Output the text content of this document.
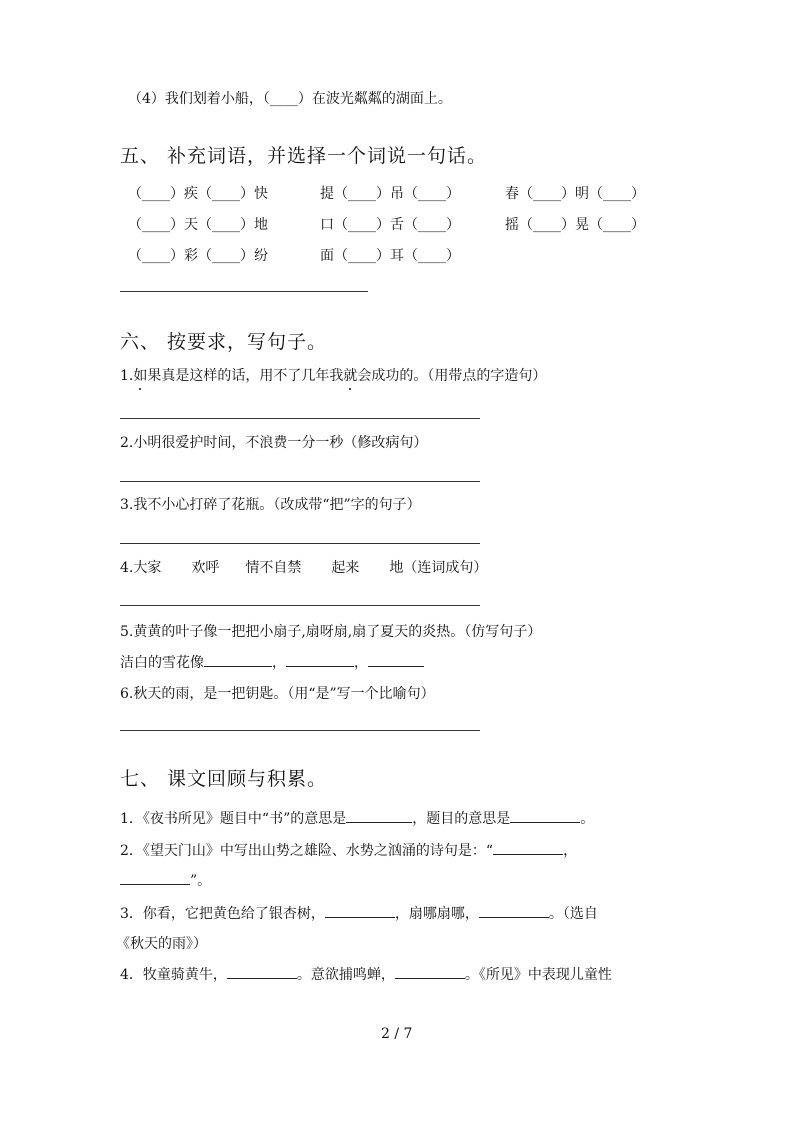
（4）我们划着小船，（____）在波光粼粼的湖面上。
五、 补充词语，并选择一个词说一句话。
（____）疾（____）快	提（____）吊（____）	春（____）明（____）
（____）天（____）地	口（____）舌（____）	摇（____）晃（____）
（____）彩（____）纷	面（____）耳（____）
六、 按要求，写句子。
1.如果真是这样的话，用不了几年我就会成功的。（用带点的字造句）
2.小明很爱护时间，不浪费一分一秒（修改病句）
3.我不小心打碎了花瓶。（改成带“把”字的句子）
4.大家 欢呼 情不自禁 起来 地（连词成句）
5.黄黄的叶子像一把把小扇子,扇呀扇,扇了夏天的炎热。（仿写句子）
洁白的雪花像	，	，
6.秋天的雨，是一把钥匙。（用“是”写一个比喻句）
七、 课文回顾与积累。
1．《夜书所见》题目中“书”的意思是	，题目的意思是	。
2．《望天门山》中写出山势之雄险、水势之汹涌的诗句是：“	，
”。
3．你看，它把黄色给了银杏树，	，扇哪扇哪，	。（选自
《秋天的雨》）
4．牧童骑黄牛，	。意欲捕鸣蝉，	。《所见》中表现儿童性
2 / 7
